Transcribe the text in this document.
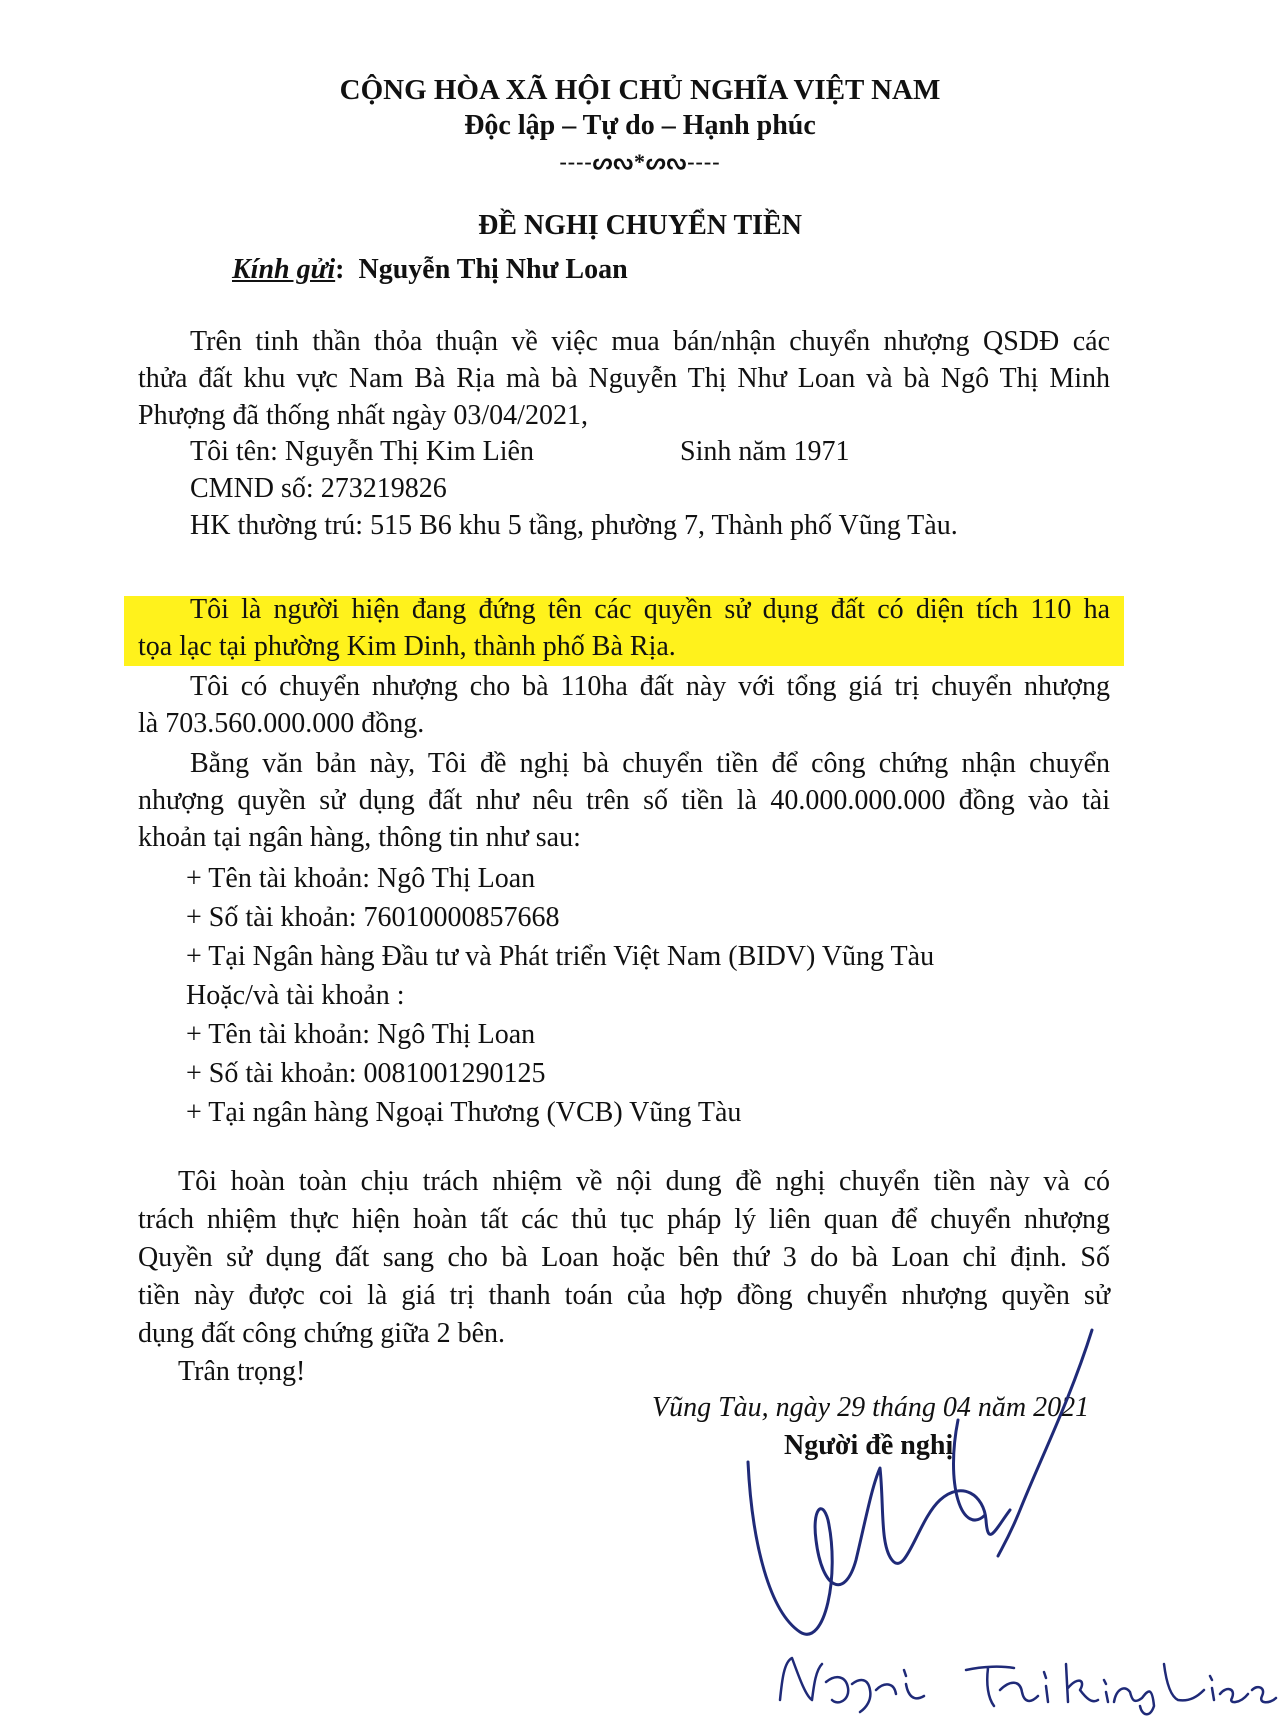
CỘNG HÒA XÃ HỘI CHỦ NGHĨA VIỆT NAM
Độc lập – Tự do – Hạnh phúc
----ᔕᔓ*ᔕᔓ----
ĐỀ NGHỊ CHUYỂN TIỀN
Kính gửi:  Nguyễn Thị Như Loan
Trên tinh thần thỏa thuận về việc mua bán/nhận chuyển nhượng QSDĐ các
thửa đất khu vực Nam Bà Rịa mà bà Nguyễn Thị Như Loan và bà Ngô Thị Minh
Phượng đã thống nhất ngày 03/04/2021,
Tôi tên: Nguyễn Thị Kim Liên	Sinh năm 1971
CMND số: 273219826
HK thường trú: 515 B6 khu 5 tầng, phường 7, Thành phố Vũng Tàu.
Tôi là người hiện đang đứng tên các quyền sử dụng đất có diện tích 110 ha
tọa lạc tại phường Kim Dinh, thành phố Bà Rịa.
Tôi có chuyển nhượng cho bà 110ha đất này với tổng giá trị chuyển nhượng
là 703.560.000.000 đồng.
Bằng văn bản này, Tôi đề nghị bà chuyển tiền để công chứng nhận chuyển
nhượng quyền sử dụng đất như nêu trên số tiền là 40.000.000.000 đồng vào tài
khoản tại ngân hàng, thông tin như sau:
+ Tên tài khoản: Ngô Thị Loan
+ Số tài khoản: 76010000857668
+ Tại Ngân hàng Đầu tư và Phát triển Việt Nam (BIDV) Vũng Tàu
Hoặc/và tài khoản :
+ Tên tài khoản: Ngô Thị Loan
+ Số tài khoản: 0081001290125
+ Tại ngân hàng Ngoại Thương (VCB) Vũng Tàu
Tôi hoàn toàn chịu trách nhiệm về nội dung đề nghị chuyển tiền này và có
trách nhiệm thực hiện hoàn tất các thủ tục pháp lý liên quan để chuyển nhượng
Quyền sử dụng đất sang cho bà Loan hoặc bên thứ 3 do bà Loan chỉ định. Số
tiền này được coi là giá trị thanh toán của hợp đồng chuyển nhượng quyền sử
dụng đất công chứng giữa 2 bên.
Trân trọng!
Vũng Tàu, ngày 29 tháng 04 năm 2021
Người đề nghị
